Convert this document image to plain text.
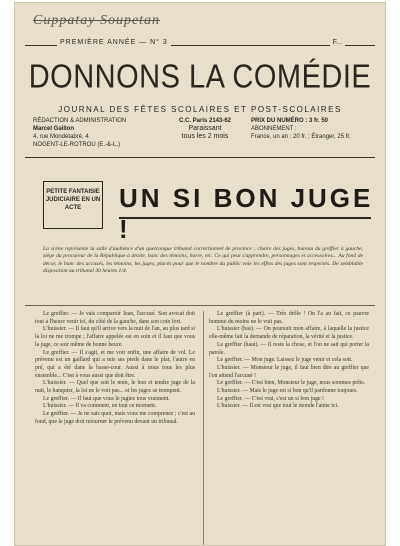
Cuppatay Soupetan
PREMIÈRE ANNÉE — N° 3	F...
DONNONS LA COMÉDIE
JOURNAL DES FÊTES SCOLAIRES ET POST-SCOLAIRES
RÉDACTION & ADMINISTRATION
Marcel Gaillon
4, rue Mondétabré, 4
NOGENT-LE-ROTROU (E.-&-L.)
C.C. Paris 2143-62
Paraissant
tous les 2 mois
PRIX DU NUMÉRO : 3 fr. 50
ABONNEMENT :
France, un an : 20 fr. ; Étranger, 25 fr.
PETITE FANTAISIE JUDICIAIRE EN UN ACTE	UN SI BON JUGE !
La scène représente la salle d'audience d'un quelconque tribunal correctionnel de province ; chaire des juges, bureau du greffier à gauche, siège du procureur de la République à droite, banc des témoins, barre, etc. Ce qui peut s'apprendre, personnages et accessoires... Au fond de décor, le banc des accusés, les témoins, les juges, placés pour que le nombre du public voie les effets des juges sont respectés. De semblable disposition au tribunal 30 heures 1/4.

Le greffier. — Je vais comparoir Jean, l'accusé. Son avocat doit tout à l'heure venir ici, du côté de la gauche, dans son coin fort.

L'huissier. — Il faut qu'il arrive vers la nuit de l'an, au plus tard si la loi ne me trompe ; l'affaire appelée est en soin et il faut que vous la juge, ce soir même de bonne heure.

Le greffier. — Il s'agit, et me voir enfin, une affaire de vol. Le prévenu est un gaillard qui a mis ses pieds dans le plat, l'autre en pré, qui a été dans la basse-cour. Aussi à nous tous les plus ensemble... C'est à vous aussi que doit être.

L'huissier. — Quel que soit le nom, le bon et tendre juge de la nuit, le banquier, la loi ne le voit pas... et les juges se trompent.

Le greffier. — Il faut que vous le jugiez tous vraiment.

L'huissier. — Il va comment, en tout ce moment.

Le greffier. — Je ne sais quoi, mais vous me comprenez ; c'est au fond, que le juge doit retourner le prévenu devant un tribunal.

Le greffier (à part). — Très drôle ! On l'a au fait, ce pauvre homme du moins ne le voit pas.

L'huissier (bas). — On poursuit mon affaire, à laquelle la justice elle-même fait la demande de réparation, la vérité et la justice.

Le greffier (haut). — Il reste la chose, et l'on ne sait qui porter la parole.

Le greffier. — Mon juge. Laissez le juge venir et cela soit.

L'huissier. — Monsieur le juge, il faut bien dire au greffier que l'on attend l'accusé !

Le greffier. — C'est bien, Monsieur le juge, nous sommes prêts.

L'huissier. — Mais le juge est si bon qu'il pardonne toujours.

Le greffier. — C'est vrai, c'est un si bon juge !

L'huissier. — Il est vrai que tout le monde l'aime ici.
